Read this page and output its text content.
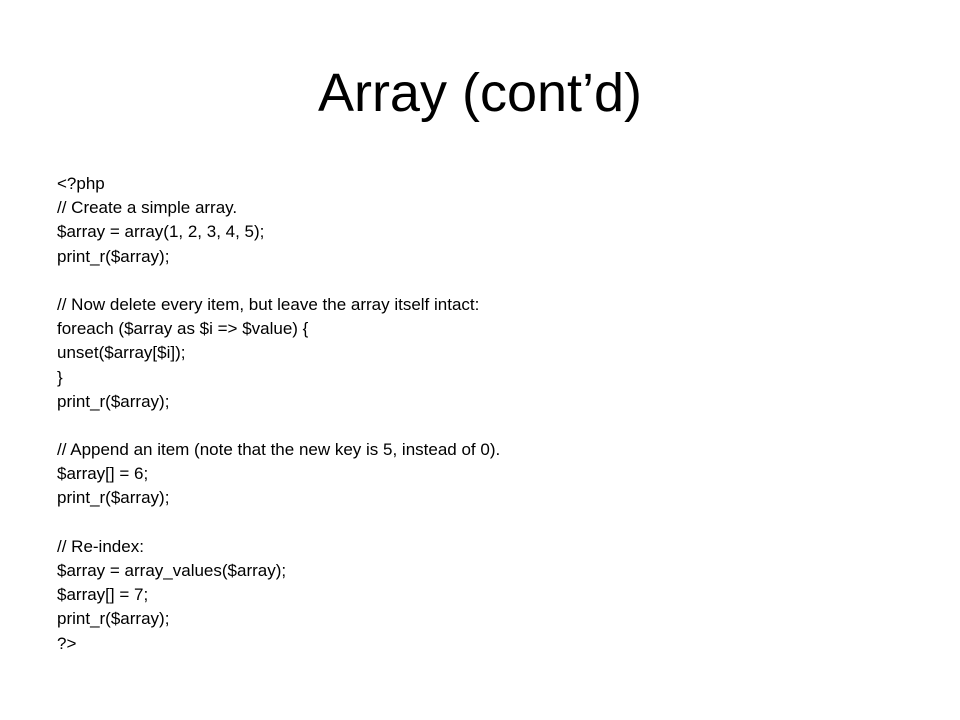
Array (cont’d)
<?php
// Create a simple array.
$array = array(1, 2, 3, 4, 5);
print_r($array);
// Now delete every item, but leave the array itself intact:
foreach ($array as $i => $value) {
unset($array[$i]);
}
print_r($array);
// Append an item (note that the new key is 5, instead of 0).
$array[] = 6;
print_r($array);
// Re-index:
$array = array_values($array);
$array[] = 7;
print_r($array);
?>
